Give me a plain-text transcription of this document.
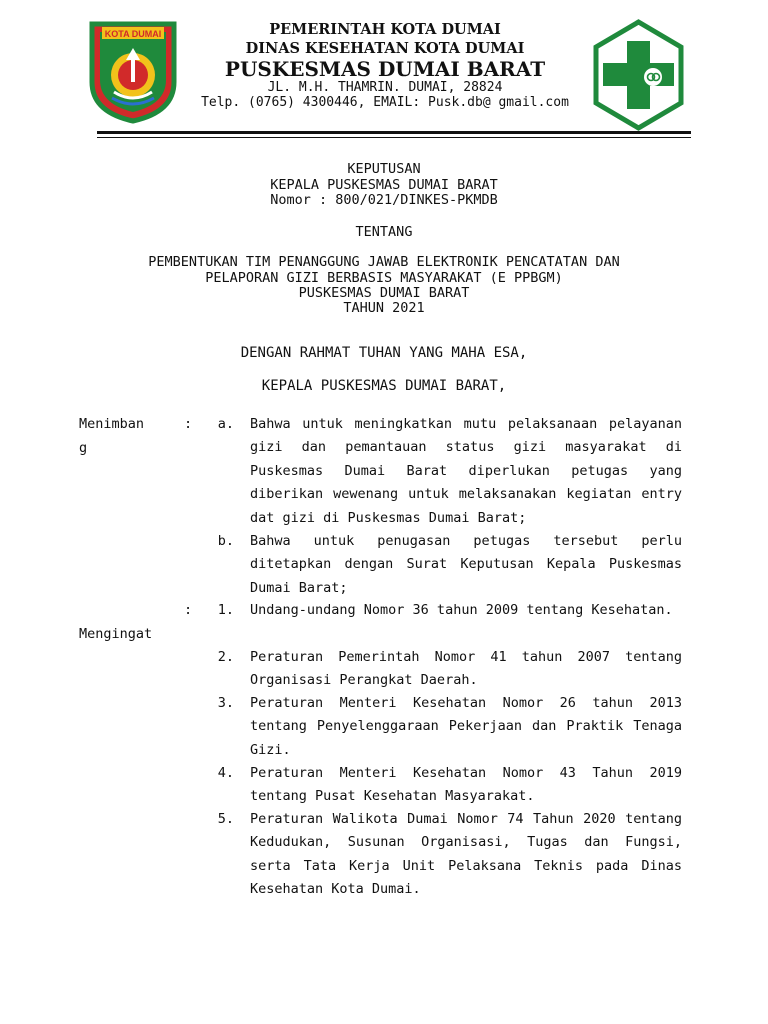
KOTA DUMAI	PEMERINTAH KOTA DUMAI
DINAS KESEHATAN KOTA DUMAI
PUSKESMAS DUMAI BARAT
JL. M.H. THAMRIN. DUMAI, 28824
Telp. (0765) 4300446, EMAIL: Pusk.db@ gmail.com
KEPUTUSAN
KEPALA PUSKESMAS DUMAI BARAT
Nomor : 800/021/DINKES-PKMDB
TENTANG
PEMBENTUKAN TIM PENANGGUNG JAWAB ELEKTRONIK PENCATATAN DAN
PELAPORAN GIZI BERBASIS MASYARAKAT (E PPBGM)
PUSKESMAS DUMAI BARAT
TAHUN 2021
DENGAN RAHMAT TUHAN YANG MAHA ESA,
KEPALA PUSKESMAS DUMAI BARAT,
Menimban
g
:	a. Bahwa untuk meningkatkan mutu pelaksanaan pelayanan gizi dan pemantauan status gizi masyarakat di Puskesmas Dumai Barat diperlukan petugas yang diberikan wewenang untuk melaksanakan kegiatan entry dat gizi di Puskesmas Dumai Barat;
b. Bahwa untuk penugasan petugas tersebut perlu ditetapkan dengan Surat Keputusan Kepala Puskesmas Dumai Barat;
:
Mengingat
1. Undang-undang Nomor 36 tahun 2009 tentang Kesehatan.
2. Peraturan Pemerintah Nomor 41 tahun 2007 tentang Organisasi Perangkat Daerah.
3. Peraturan Menteri Kesehatan Nomor 26 tahun 2013 tentang Penyelenggaraan Pekerjaan dan Praktik Tenaga Gizi.
4. Peraturan Menteri Kesehatan Nomor 43 Tahun 2019 tentang Pusat Kesehatan Masyarakat.
5. Peraturan Walikota Dumai Nomor 74 Tahun 2020 tentang Kedudukan, Susunan Organisasi, Tugas dan Fungsi, serta Tata Kerja Unit Pelaksana Teknis pada Dinas Kesehatan Kota Dumai.
